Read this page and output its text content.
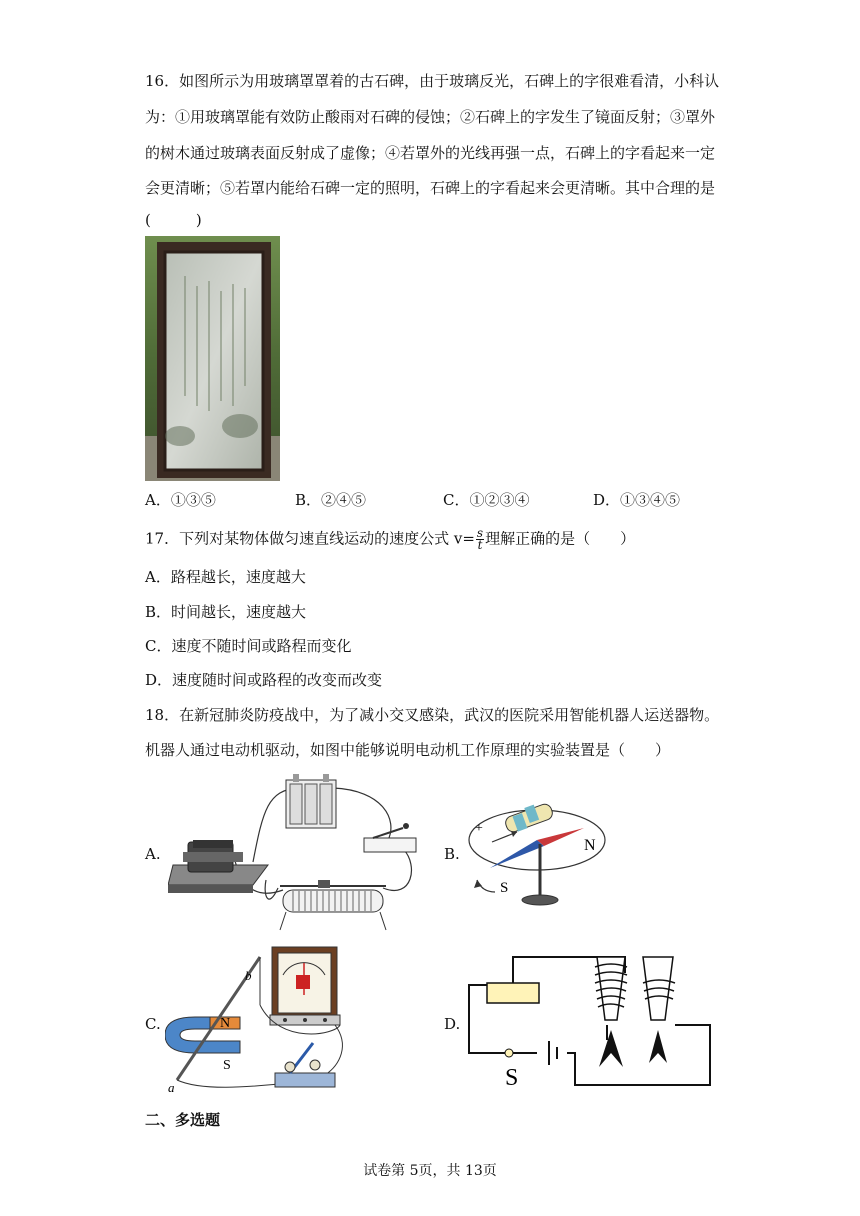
16．如图所示为用玻璃罩罩着的古石碑，由于玻璃反光，石碑上的字很难看清，小科认
为：①用玻璃罩能有效防止酸雨对石碑的侵蚀；②石碑上的字发生了镜面反射；③罩外
的树木通过玻璃表面反射成了虚像；④若罩外的光线再强一点，石碑上的字看起来一定
会更清晰；⑤若罩内能给石碑一定的照明，石碑上的字看起来会更清晰。其中合理的是
(　　　)
A．①③⑤	B．②④⑤	C．①②③④	D．①③④⑤
17．下列对某物体做匀速直线运动的速度公式 $v= \frac{s}{t}$ 理解正确的是（　　）
A．路程越长，速度越大
B．时间越长，速度越大
C．速度不随时间或路程而变化
D．速度随时间或路程的改变而改变
18．在新冠肺炎防疫战中，为了减小交叉感染，武汉的医院采用智能机器人运送器物。
机器人通过电动机驱动，如图中能够说明电动机工作原理的实验装置是（　　）
A.	B.
+
N
S
C.	N
S
a
b
D.
S
二、多选题
试卷第 5页，共 13页
